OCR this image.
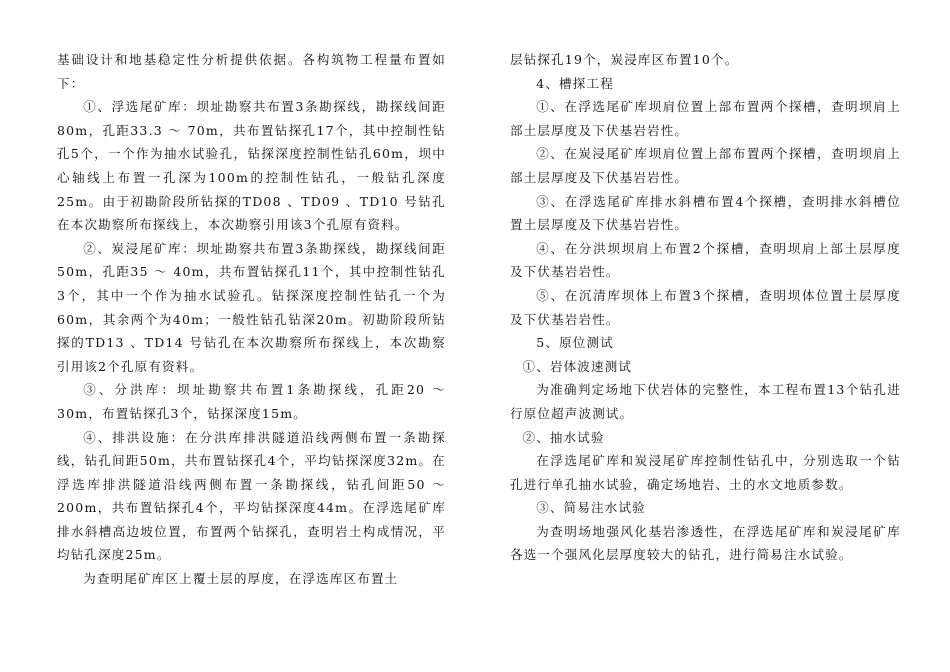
基础设计和地基稳定性分析提供依据。各构筑物工程量布置如下：

①、浮选尾矿库：坝址勘察共布置3条勘探线，勘探线间距80m，孔距33.3 ～ 70m，共布置钻探孔17个，其中控制性钻孔5个，一个作为抽水试验孔，钻探深度控制性钻孔60m，坝中心轴线上布置一孔深为100m的控制性钻孔，一般钻孔深度25m。由于初勘阶段所钻探的TD08 、TD09 、TD10 号钻孔在本次勘察所布探线上，本次勘察引用该3个孔原有资料。

②、炭浸尾矿库：坝址勘察共布置3条勘探线，勘探线间距50m，孔距35 ～ 40m，共布置钻探孔11个，其中控制性钻孔3个，其中一个作为抽水试验孔。钻探深度控制性钻孔一个为60m，其余两个为40m；一般性钻孔钻深20m。初勘阶段所钻探的TD13 、TD14 号钻孔在本次勘察所布探线上，本次勘察引用该2个孔原有资料。

③、分洪库：坝址勘察共布置1条勘探线，孔距20 ～ 30m，布置钻探孔3个，钻探深度15m。

④、排洪设施：在分洪库排洪隧道沿线两侧布置一条勘探线，钻孔间距50m，共布置钻探孔4个，平均钻探深度32m。在浮选库排洪隧道沿线两侧布置一条勘探线，钻孔间距50 ～ 200m，共布置钻探孔4个，平均钻探深度44m。在浮选尾矿库排水斜槽高边坡位置，布置两个钻探孔，查明岩土构成情况，平均钻孔深度25m。

为查明尾矿库区上覆土层的厚度，在浮选库区布置土

层钻探孔19个，炭浸库区布置10个。

4、槽探工程

①、在浮选尾矿库坝肩位置上部布置两个探槽，查明坝肩上部土层厚度及下伏基岩岩性。

②、在炭浸尾矿库坝肩位置上部布置两个探槽，查明坝肩上部土层厚度及下伏基岩岩性。

③、在浮选尾矿库排水斜槽布置4个探槽，查明排水斜槽位置土层厚度及下伏基岩岩性。

④、在分洪坝坝肩上布置2个探槽，查明坝肩上部土层厚度及下伏基岩岩性。

⑤、在沉清库坝体上布置3个探槽，查明坝体位置土层厚度及下伏基岩岩性。

5、原位测试

①、岩体波速测试

为准确判定场地下伏岩体的完整性，本工程布置13个钻孔进行原位超声波测试。

②、抽水试验

在浮选尾矿库和炭浸尾矿库控制性钻孔中，分别选取一个钻孔进行单孔抽水试验，确定场地岩、土的水文地质参数。

③、简易注水试验

为查明场地强风化基岩渗透性，在浮选尾矿库和炭浸尾矿库各选一个强风化层厚度较大的钻孔，进行简易注水试验。
